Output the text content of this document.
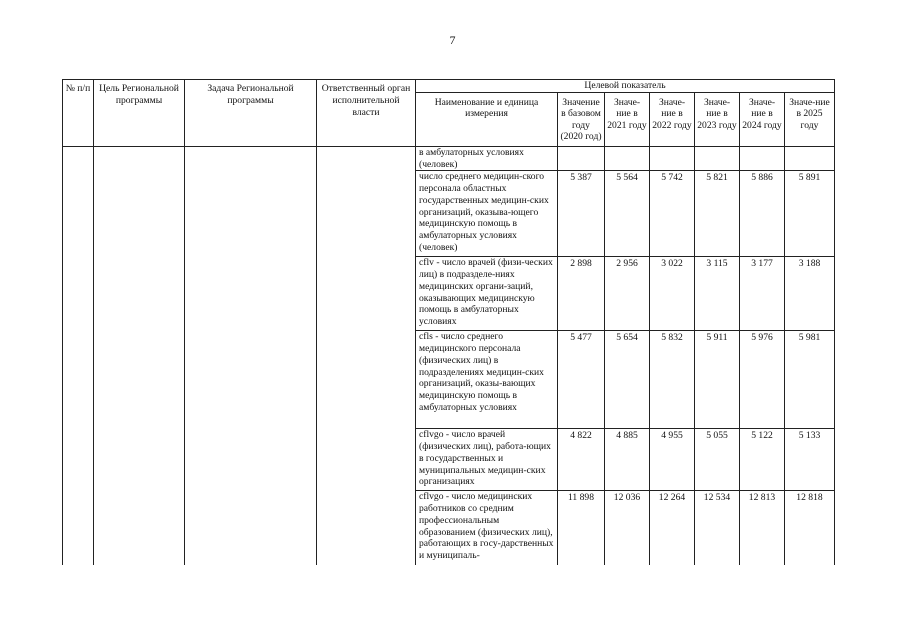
7
№ п/п	Цель Региональной программы	Задача Региональной программы	Ответственный орган исполнительной власти	Целевой показатель						
				Наименование и единица измерения	Значение в базовом году (2020 год)	Значе-ние в 2021 году	Значе-ние в 2022 году	Значе-ние в 2023 году	Значе-ние в 2024 году	Значе-ние в 2025 году
				в амбулаторных условиях (человек)						
				число среднего медицин-ского персонала областных государственных медицин-ских организаций, оказыва-ющего медицинскую помощь в амбулаторных условиях (человек)	5 387	5 564	5 742	5 821	5 886	5 891
				cflv - число врачей (физи-ческих лиц) в подразделе-ниях медицинских органи-заций, оказывающих медицинскую помощь в амбулаторных условиях	2 898	2 956	3 022	3 115	3 177	3 188
				cfls - число среднего медицинского персонала (физических лиц) в подразделениях медицин-ских организаций, оказы-вающих медицинскую помощь в амбулаторных условиях	5 477	5 654	5 832	5 911	5 976	5 981
				cflvgo - число врачей (физических лиц), работа-ющих в государственных и муниципальных медицин-ских организациях	4 822	4 885	4 955	5 055	5 122	5 133
				cflvgo - число медицинских работников со средним профессиональным образованием (физических лиц), работающих в госу-дарственных и муниципаль-	11 898	12 036	12 264	12 534	12 813	12 818
